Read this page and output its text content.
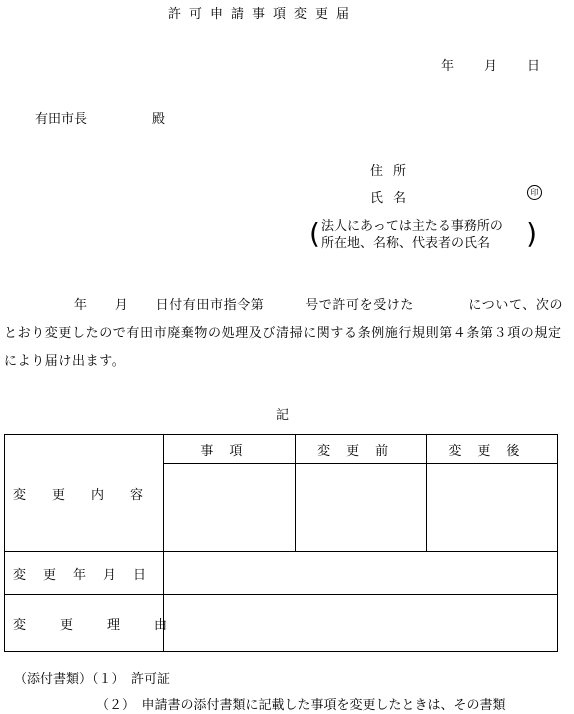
許可申請事項変更届
年 月 日
有田市長　　　　　殿
住所
氏名	印
( 法人にあっては主たる事務所の
所在地、名称、代表者の氏名	)
年　　月　　日付有田市指令第　　　号で許可を受けた　　　　について、次のとおり変更したので有田市廃棄物の処理及び清掃に関する条例施行規則第４条第３項の規定により届け出ます。
記
変更内容	事項	変更前	変更後

変更年月日			
変更理由			
（添付書類）（１）　許可証
（２）　申請書の添付書類に記載した事項を変更したときは、その書類
